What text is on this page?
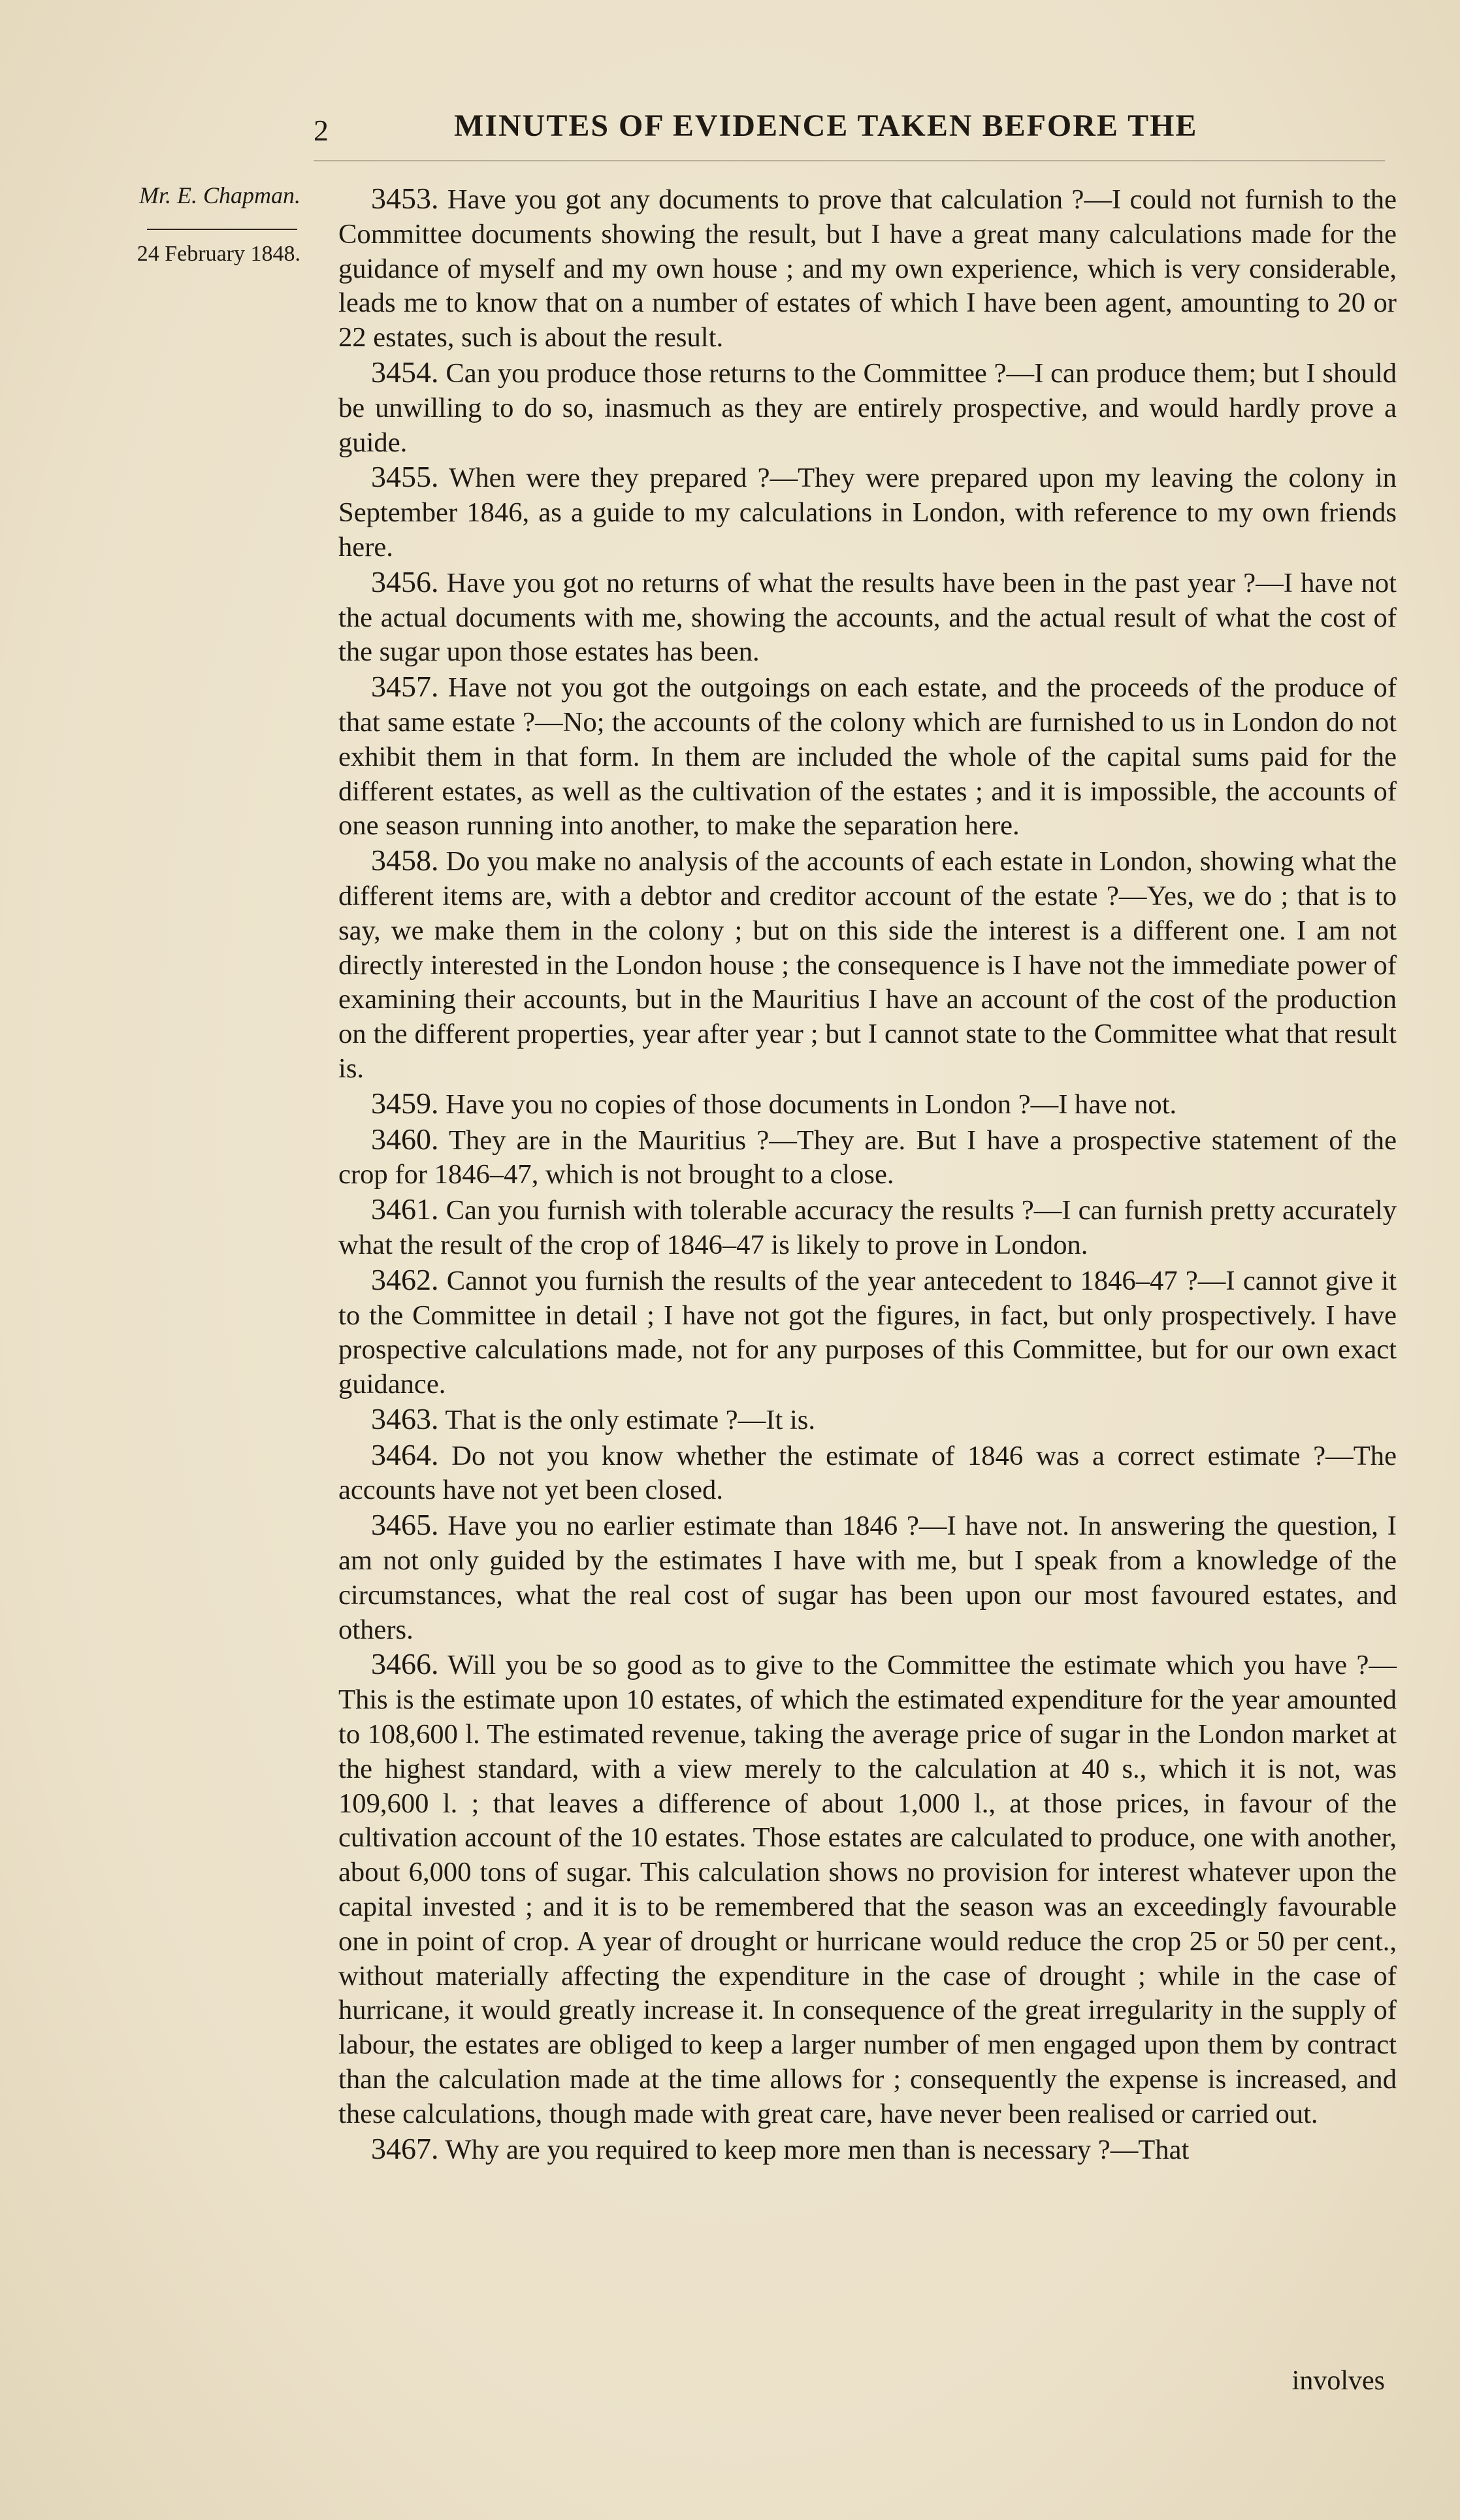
2	MINUTES OF EVIDENCE TAKEN BEFORE THE
Mr. E. Chapman.
24 February 1848.

3453. Have you got any documents to prove that calculation ?—I could not furnish to the Committee documents showing the result, but I have a great many calculations made for the guidance of myself and my own house ; and my own experience, which is very considerable, leads me to know that on a number of estates of which I have been agent, amounting to 20 or 22 estates, such is about the result.

3454. Can you produce those returns to the Committee ?—I can produce them; but I should be unwilling to do so, inasmuch as they are entirely prospective, and would hardly prove a guide.

3455. When were they prepared ?—They were prepared upon my leaving the colony in September 1846, as a guide to my calculations in London, with reference to my own friends here.

3456. Have you got no returns of what the results have been in the past year ?—I have not the actual documents with me, showing the accounts, and the actual result of what the cost of the sugar upon those estates has been.

3457. Have not you got the outgoings on each estate, and the proceeds of the produce of that same estate ?—No; the accounts of the colony which are furnished to us in London do not exhibit them in that form. In them are included the whole of the capital sums paid for the different estates, as well as the cultivation of the estates ; and it is impossible, the accounts of one season running into another, to make the separation here.

3458. Do you make no analysis of the accounts of each estate in London, showing what the different items are, with a debtor and creditor account of the estate ?—Yes, we do ; that is to say, we make them in the colony ; but on this side the interest is a different one. I am not directly interested in the London house ; the consequence is I have not the immediate power of examining their accounts, but in the Mauritius I have an account of the cost of the production on the different properties, year after year ; but I cannot state to the Committee what that result is.

3459. Have you no copies of those documents in London ?—I have not.

3460. They are in the Mauritius ?—They are. But I have a prospective statement of the crop for 1846–47, which is not brought to a close.

3461. Can you furnish with tolerable accuracy the results ?—I can furnish pretty accurately what the result of the crop of 1846–47 is likely to prove in London.

3462. Cannot you furnish the results of the year antecedent to 1846–47 ?—I cannot give it to the Committee in detail ; I have not got the figures, in fact, but only prospectively. I have prospective calculations made, not for any purposes of this Committee, but for our own exact guidance.

3463. That is the only estimate ?—It is.

3464. Do not you know whether the estimate of 1846 was a correct estimate ?—The accounts have not yet been closed.

3465. Have you no earlier estimate than 1846 ?—I have not. In answering the question, I am not only guided by the estimates I have with me, but I speak from a knowledge of the circumstances, what the real cost of sugar has been upon our most favoured estates, and others.

3466. Will you be so good as to give to the Committee the estimate which you have ?—This is the estimate upon 10 estates, of which the estimated expenditure for the year amounted to 108,600 l. The estimated revenue, taking the average price of sugar in the London market at the highest standard, with a view merely to the calculation at 40 s., which it is not, was 109,600 l. ; that leaves a difference of about 1,000 l., at those prices, in favour of the cultivation account of the 10 estates. Those estates are calculated to produce, one with another, about 6,000 tons of sugar. This calculation shows no provision for interest whatever upon the capital invested ; and it is to be remembered that the season was an exceedingly favourable one in point of crop. A year of drought or hurricane would reduce the crop 25 or 50 per cent., without materially affecting the expenditure in the case of drought ; while in the case of hurricane, it would greatly increase it. In consequence of the great irregularity in the supply of labour, the estates are obliged to keep a larger number of men engaged upon them by contract than the calculation made at the time allows for ; consequently the expense is increased, and these calculations, though made with great care, have never been realised or carried out.

3467. Why are you required to keep more men than is necessary ?—That

involves
